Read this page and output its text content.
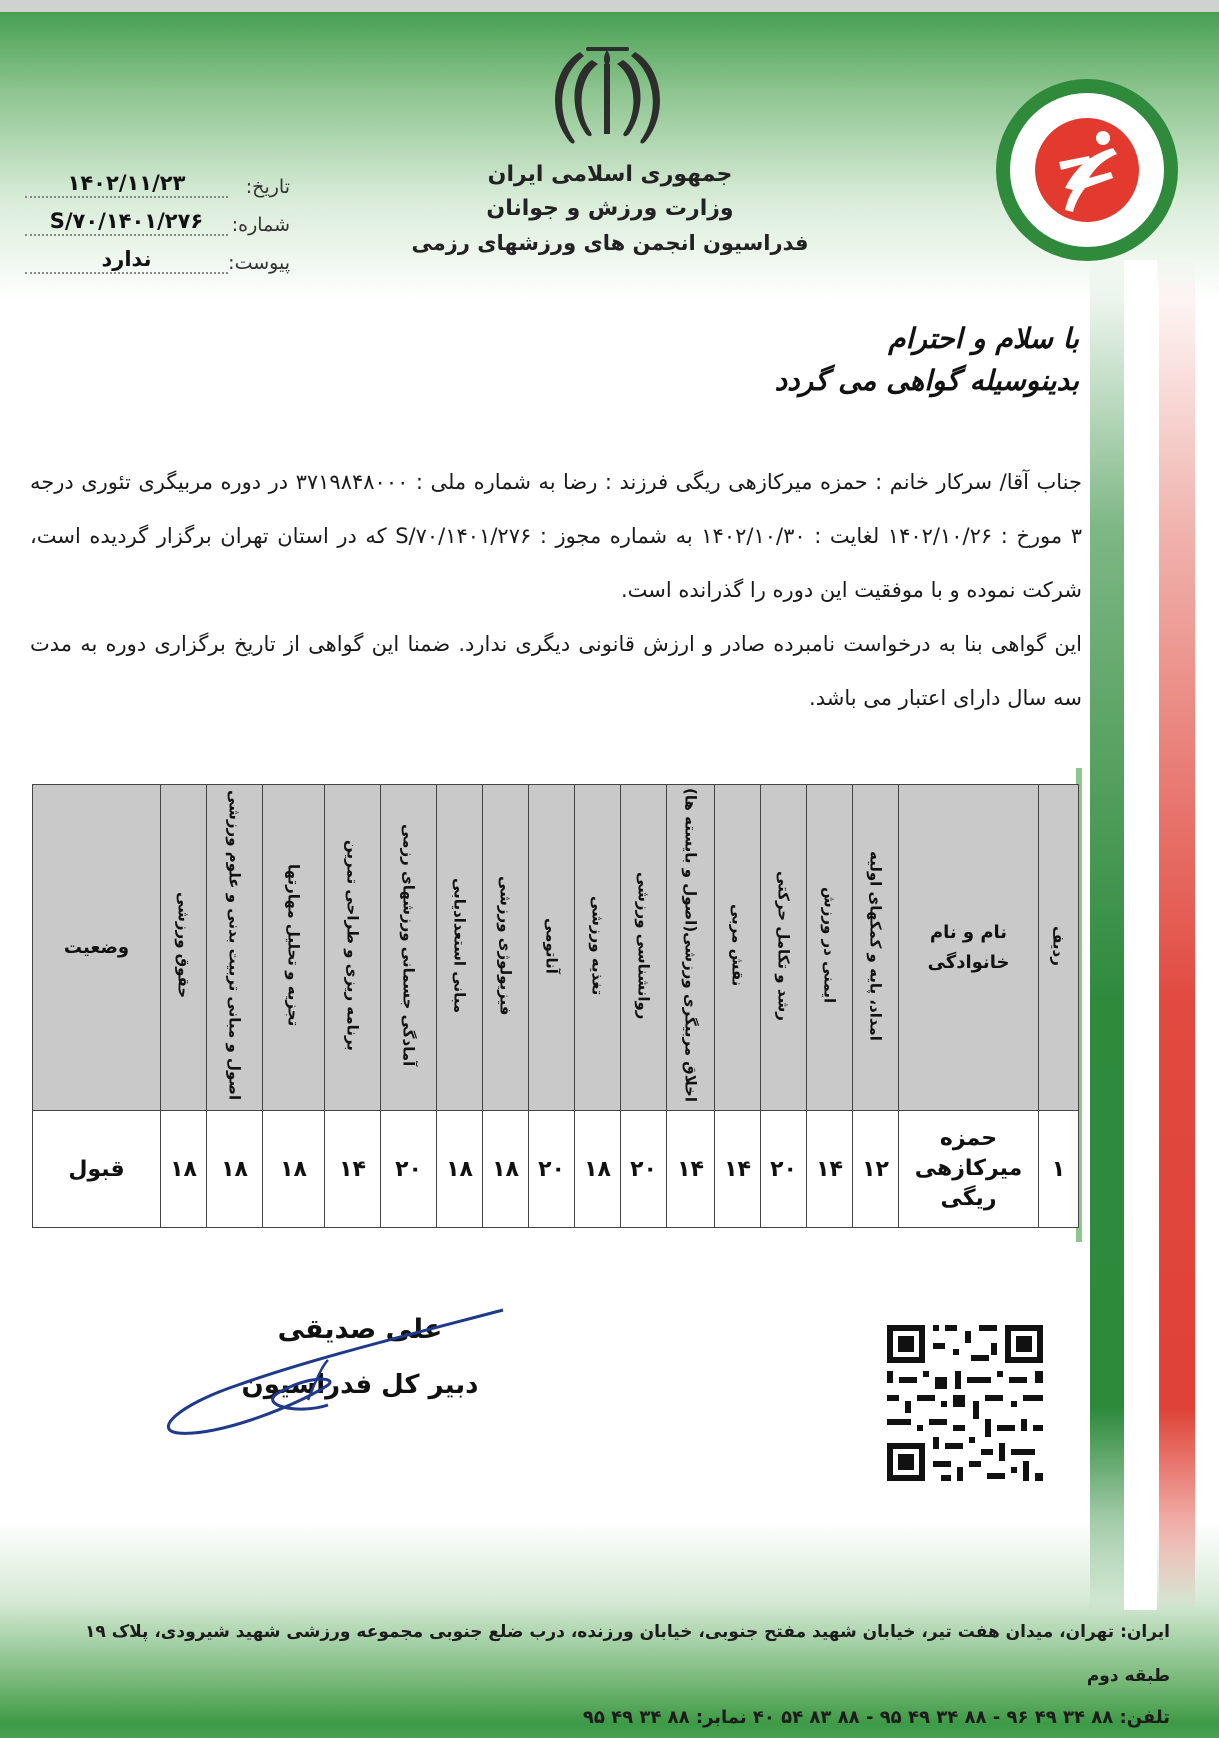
جمهوری اسلامی ایران
وزارت ورزش و جوانان
فدراسیون انجمن های ورزشهای رزمی
تاریخ:
۱۴۰۲/۱۱/۲۳
شماره:
۱۴۰۱/۲۷۶/S/۷۰
پیوست:
ندارد
با سلام و احترام
بدینوسیله گواهی می گردد

جناب آقا/ سرکار خانم : حمزه میرکازهی ریگی فرزند : رضا به شماره ملی : ۳۷۱۹۸۴۸۰۰۰ در دوره مربیگری تئوری درجه ۳ مورخ : ۱۴۰۲/۱۰/۲۶ لغایت : ۱۴۰۲/۱۰/۳۰ به شماره مجوز : ۱۴۰۱/۲۷۶/S/۷۰ که در استان تهران برگزار گردیده است، شرکت نموده و با موفقیت این دوره را گذرانده است.

این گواهی بنا به درخواست نامبرده صادر و ارزش قانونی دیگری ندارد. ضمنا این گواهی از تاریخ برگزاری دوره به مدت سه سال دارای اعتبار می باشد.

ردیف	نام و نام خانوادگی	امداد، پایه و کمکهای اولیه	ایمنی در ورزش	رشد و تکامل حرکتی	نقش مربی	اخلاق مربیگری ورزشی(اصول و بایسته ها)	روانشناسی ورزشی	تغذیه ورزشی	آناتومی	فیزیولوژی ورزشی	مبانی استعدادیابی	آمادگی جسمانی ورزشهای رزمی	برنامه ریزی و طراحی تمرین	تجزیه و تحلیل مهارتها	اصول و مبانی تربیت بدنی و علوم ورزشی	حقوق ورزشی	وضعیت
۱	حمزه میرکازهی ریگی	۱۲	۱۴	۲۰	۱۴	۱۴	۲۰	۱۸	۲۰	۱۸	۱۸	۲۰	۱۴	۱۸	۱۸	۱۸	قبول
علی صدیقی
دبیر کل فدراسیون
ایران: تهران، میدان هفت تیر، خیابان شهید مفتح جنوبی، خیابان ورزنده، درب ضلع جنوبی مجموعه ورزشی شهید شیرودی، پلاک ۱۹ طبقه دوم
تلفن: ۸۸ ۳۴ ۴۹ ۹۶ - ۸۸ ۳۴ ۴۹ ۹۵ - ۸۸ ۸۳ ۵۴ ۴۰ نمابر: ۸۸ ۳۴ ۴۹ ۹۵
